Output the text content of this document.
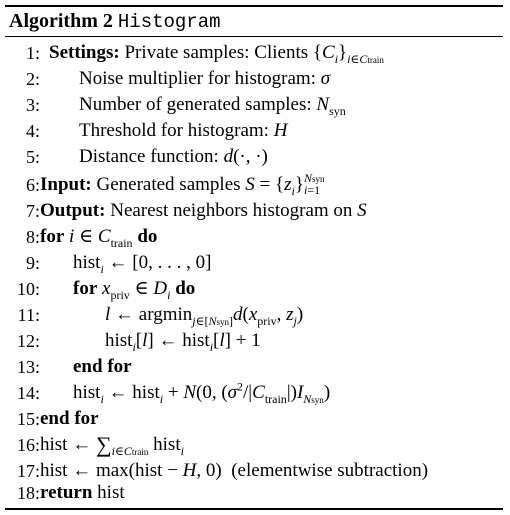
Algorithm 2 Histogram
1: Settings: Private samples: Clients $\{C_i\}_{i\in Ctrain}$
2: Noise multiplier for histogram: σ
3: Number of generated samples: $N_{syn}$
4: Threshold for histogram: H
5: Distance function: d(·, ·)
6: Input: Generated samples $S = \{z_i\}Nsyn$
i=1
7: Output: Nearest neighbors histogram on S
8: for i ∈ $C_{train}$ do
9: hist$_i$ ← [0, . . . , 0]
10: for $x_{priv}$ ∈ $D_i$ do
11:	l ← $argmin_{j\in[Nsyn]}d(x_{priv}$, $z_j$)
12:	hist$_i$[l] ← hist$_i$[l] + 1
13: end for
14: hist$_i$ ← hist$_i$ + N(0, $(\sigma^2/|C_{train}|)I_{Nsyn}$)
15: end for
16: hist ← $\sum_{i\in Ctrain}$ hist$_i$
17: hist ← max(hist − H, 0)  (elementwise subtraction)
18: return hist
